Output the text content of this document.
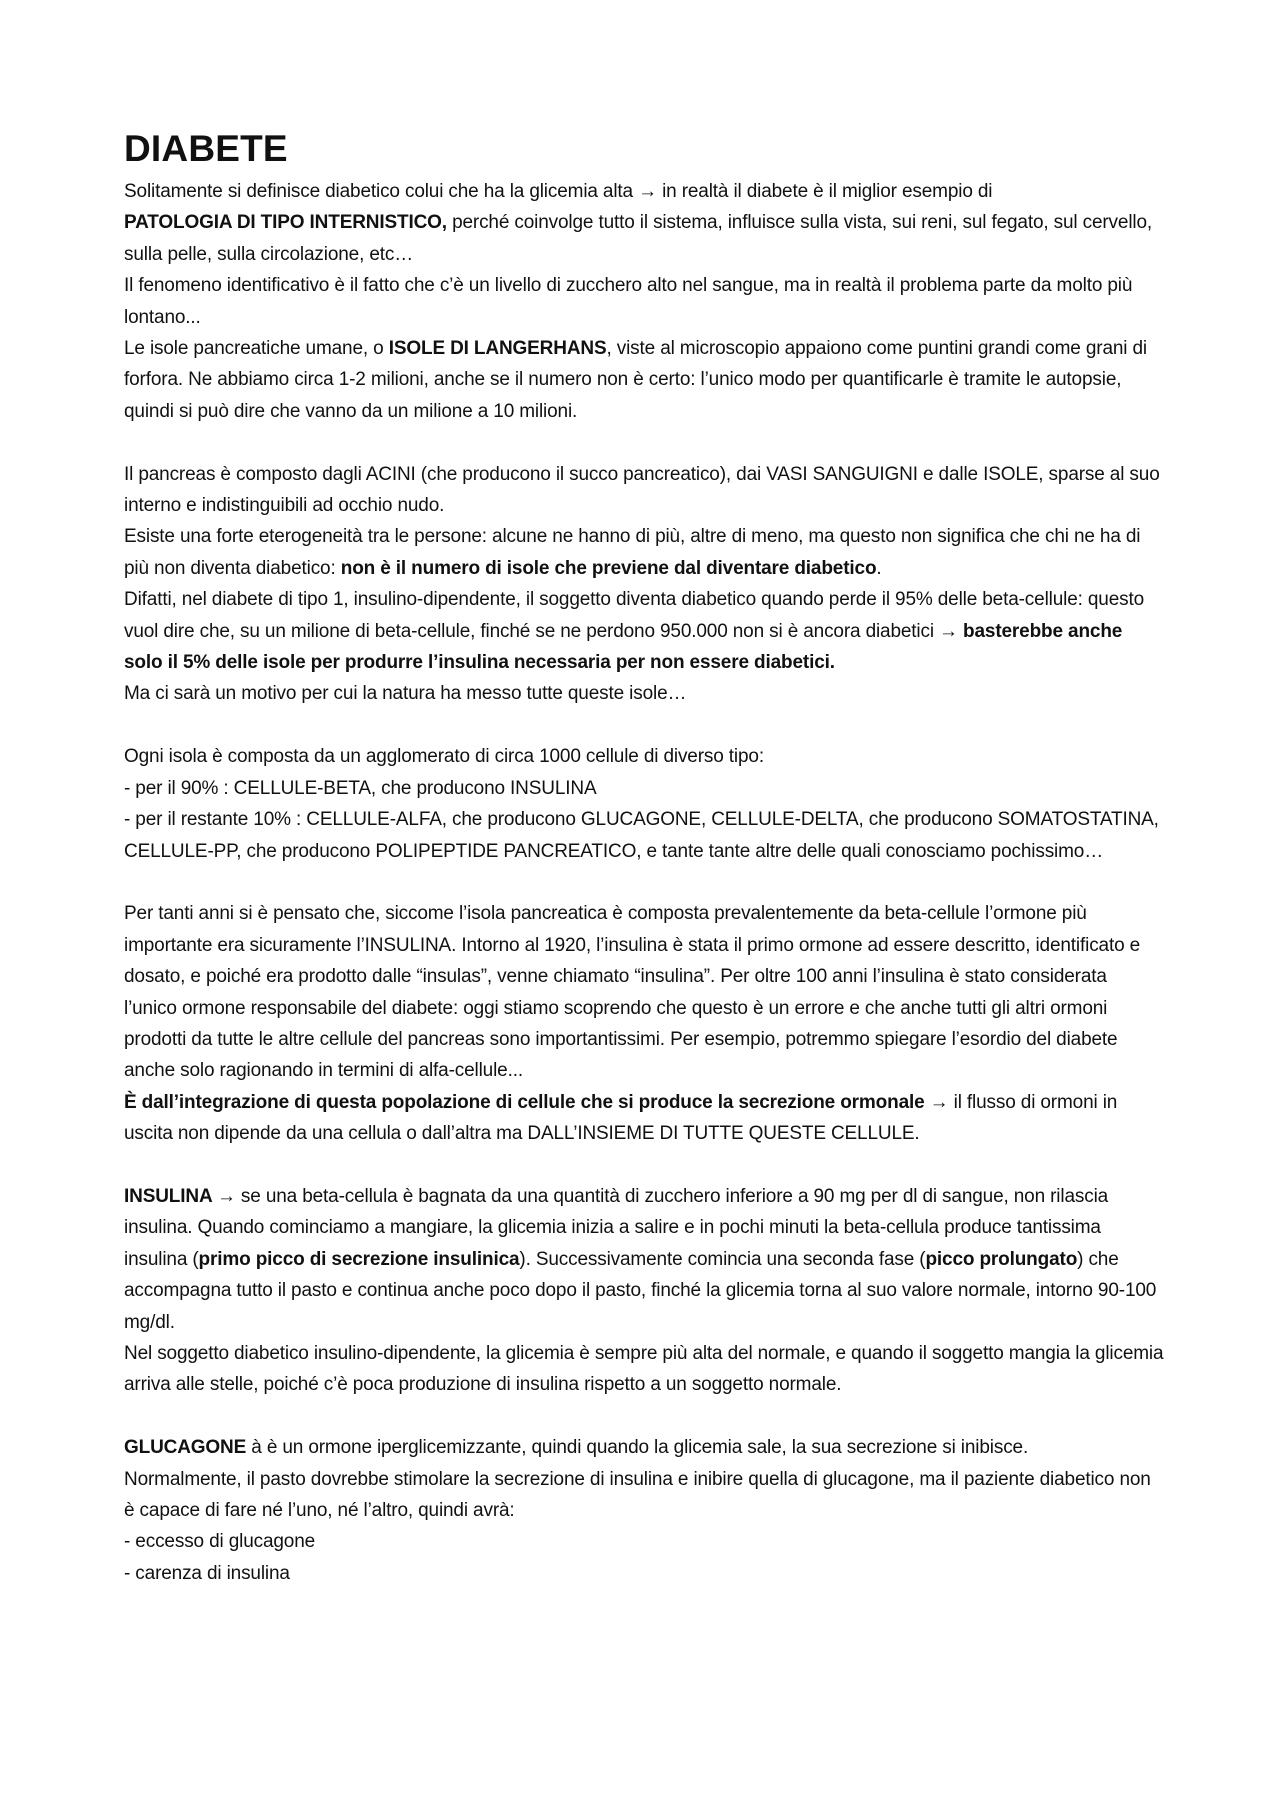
DIABETE

Solitamente si definisce diabetico colui che ha la glicemia alta → in realtà il diabete è il miglior esempio di
PATOLOGIA DI TIPO INTERNISTICO, perché coinvolge tutto il sistema, influisce sulla vista, sui reni, sul fegato, sul cervello, sulla pelle, sulla circolazione, etc…

Il fenomeno identificativo è il fatto che c’è un livello di zucchero alto nel sangue, ma in realtà il problema parte da molto più lontano...

Le isole pancreatiche umane, o ISOLE DI LANGERHANS, viste al microscopio appaiono come puntini grandi come grani di forfora. Ne abbiamo circa 1-2 milioni, anche se il numero non è certo: l’unico modo per quantificarle è tramite le autopsie, quindi si può dire che vanno da un milione a 10 milioni.

Il pancreas è composto dagli ACINI (che producono il succo pancreatico), dai VASI SANGUIGNI e dalle ISOLE, sparse al suo interno e indistinguibili ad occhio nudo.

Esiste una forte eterogeneità tra le persone: alcune ne hanno di più, altre di meno, ma questo non significa che chi ne ha di più non diventa diabetico: non è il numero di isole che previene dal diventare diabetico.

Difatti, nel diabete di tipo 1, insulino-dipendente, il soggetto diventa diabetico quando perde il 95% delle beta-cellule: questo vuol dire che, su un milione di beta-cellule, finché se ne perdono 950.000 non si è ancora diabetici → basterebbe anche solo il 5% delle isole per produrre l’insulina necessaria per non essere diabetici.

Ma ci sarà un motivo per cui la natura ha messo tutte queste isole…

Ogni isola è composta da un agglomerato di circa 1000 cellule di diverso tipo:

- per il 90% : CELLULE-BETA, che producono INSULINA

- per il restante 10% : CELLULE-ALFA, che producono GLUCAGONE, CELLULE-DELTA, che producono SOMATOSTATINA, CELLULE-PP, che producono POLIPEPTIDE PANCREATICO, e tante tante altre delle quali conosciamo pochissimo…

Per tanti anni si è pensato che, siccome l’isola pancreatica è composta prevalentemente da beta-cellule l’ormone più importante era sicuramente l’INSULINA. Intorno al 1920, l’insulina è stata il primo ormone ad essere descritto, identificato e dosato, e poiché era prodotto dalle “insulas”, venne chiamato “insulina”. Per oltre 100 anni l’insulina è stato considerata l’unico ormone responsabile del diabete: oggi stiamo scoprendo che questo è un errore e che anche tutti gli altri ormoni prodotti da tutte le altre cellule del pancreas sono importantissimi. Per esempio, potremmo spiegare l’esordio del diabete anche solo ragionando in termini di alfa-cellule...

È dall’integrazione di questa popolazione di cellule che si produce la secrezione ormonale → il flusso di ormoni in uscita non dipende da una cellula o dall’altra ma DALL’INSIEME DI TUTTE QUESTE CELLULE.

INSULINA → se una beta-cellula è bagnata da una quantità di zucchero inferiore a 90 mg per dl di sangue, non rilascia insulina. Quando cominciamo a mangiare, la glicemia inizia a salire e in pochi minuti la beta-cellula produce tantissima insulina (primo picco di secrezione insulinica). Successivamente comincia una seconda fase (picco prolungato) che accompagna tutto il pasto e continua anche poco dopo il pasto, finché la glicemia torna al suo valore normale, intorno 90-100 mg/dl.

Nel soggetto diabetico insulino-dipendente, la glicemia è sempre più alta del normale, e quando il soggetto mangia la glicemia arriva alle stelle, poiché c’è poca produzione di insulina rispetto a un soggetto normale.

GLUCAGONE à è un ormone iperglicemizzante, quindi quando la glicemia sale, la sua secrezione si inibisce.

Normalmente, il pasto dovrebbe stimolare la secrezione di insulina e inibire quella di glucagone, ma il paziente diabetico non è capace di fare né l’uno, né l’altro, quindi avrà:

- eccesso di glucagone

- carenza di insulina
